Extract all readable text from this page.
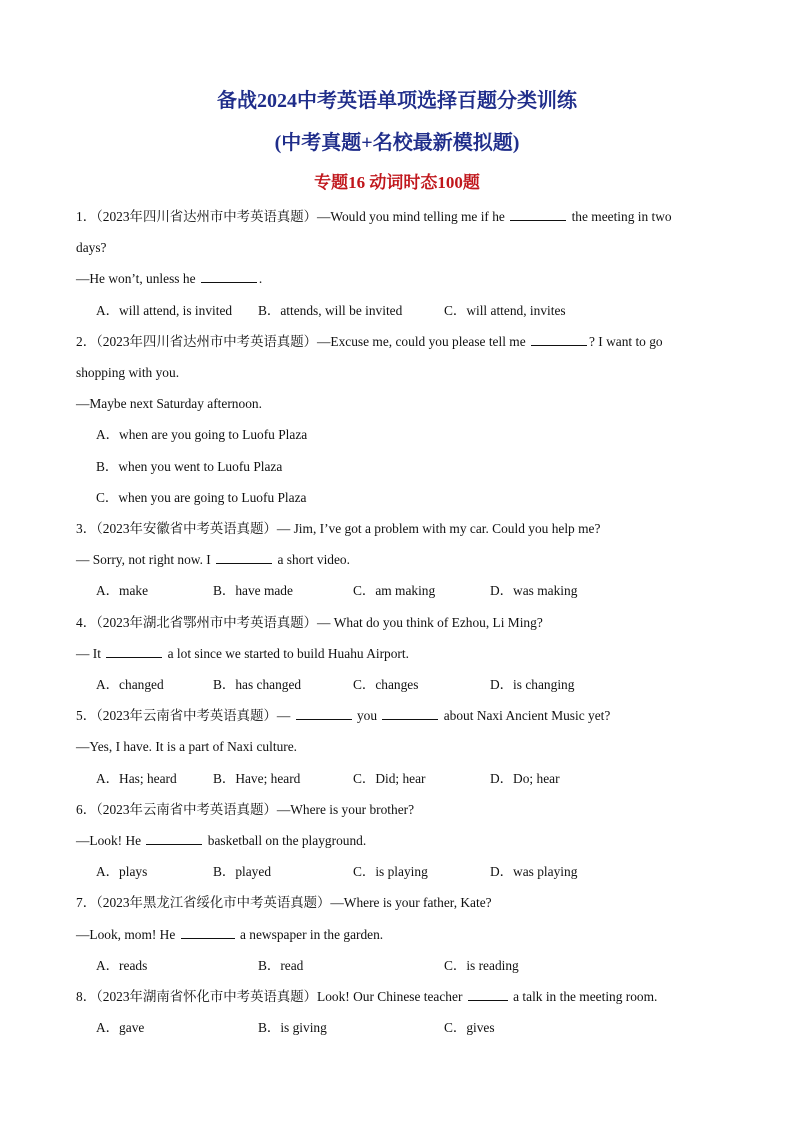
备战2024中考英语单项选择百题分类训练
(中考真题+名校最新模拟题)
专题16 动词时态100题
1．（2023年四川省达州市中考英语真题）—Would you mind telling me if he	the meeting in two
days?
—He won’t, unless he	.
A．will attend, is invited B．attends, will be invited	C．will attend, invites
2．（2023年四川省达州市中考英语真题）—Excuse me, could you please tell me	? I want to go
shopping with you.
—Maybe next Saturday afternoon.
A．when are you going to Luofu Plaza
B．when you went to Luofu Plaza
C．when you are going to Luofu Plaza
3．（2023年安徽省中考英语真题）— Jim, I’ve got a problem with my car. Could you help me?
— Sorry, not right now. I	a short video.
A．make	B．have made	C．am making	D．was making
4．（2023年湖北省鄂州市中考英语真题）— What do you think of Ezhou, Li Ming?
— It	a lot since we started to build Huahu Airport.
A．changed	B．has changed	C．changes	D．is changing
5．（2023年云南省中考英语真题）—	you	about Naxi Ancient Music yet?
—Yes, I have. It is a part of Naxi culture.
A．Has; heard	B．Have; heard	C．Did; hear	D．Do; hear
6．（2023年云南省中考英语真题）—Where is your brother?
—Look! He	basketball on the playground.
A．plays	B．played	C．is playing	D．was playing
7．（2023年黑龙江省绥化市中考英语真题）—Where is your father, Kate?
—Look, mom! He	a newspaper in the garden.
A．reads	B．read	C．is reading
8．（2023年湖南省怀化市中考英语真题）Look! Our Chinese teacher	a talk in the meeting room.
A．gave	B．is giving	C．gives
